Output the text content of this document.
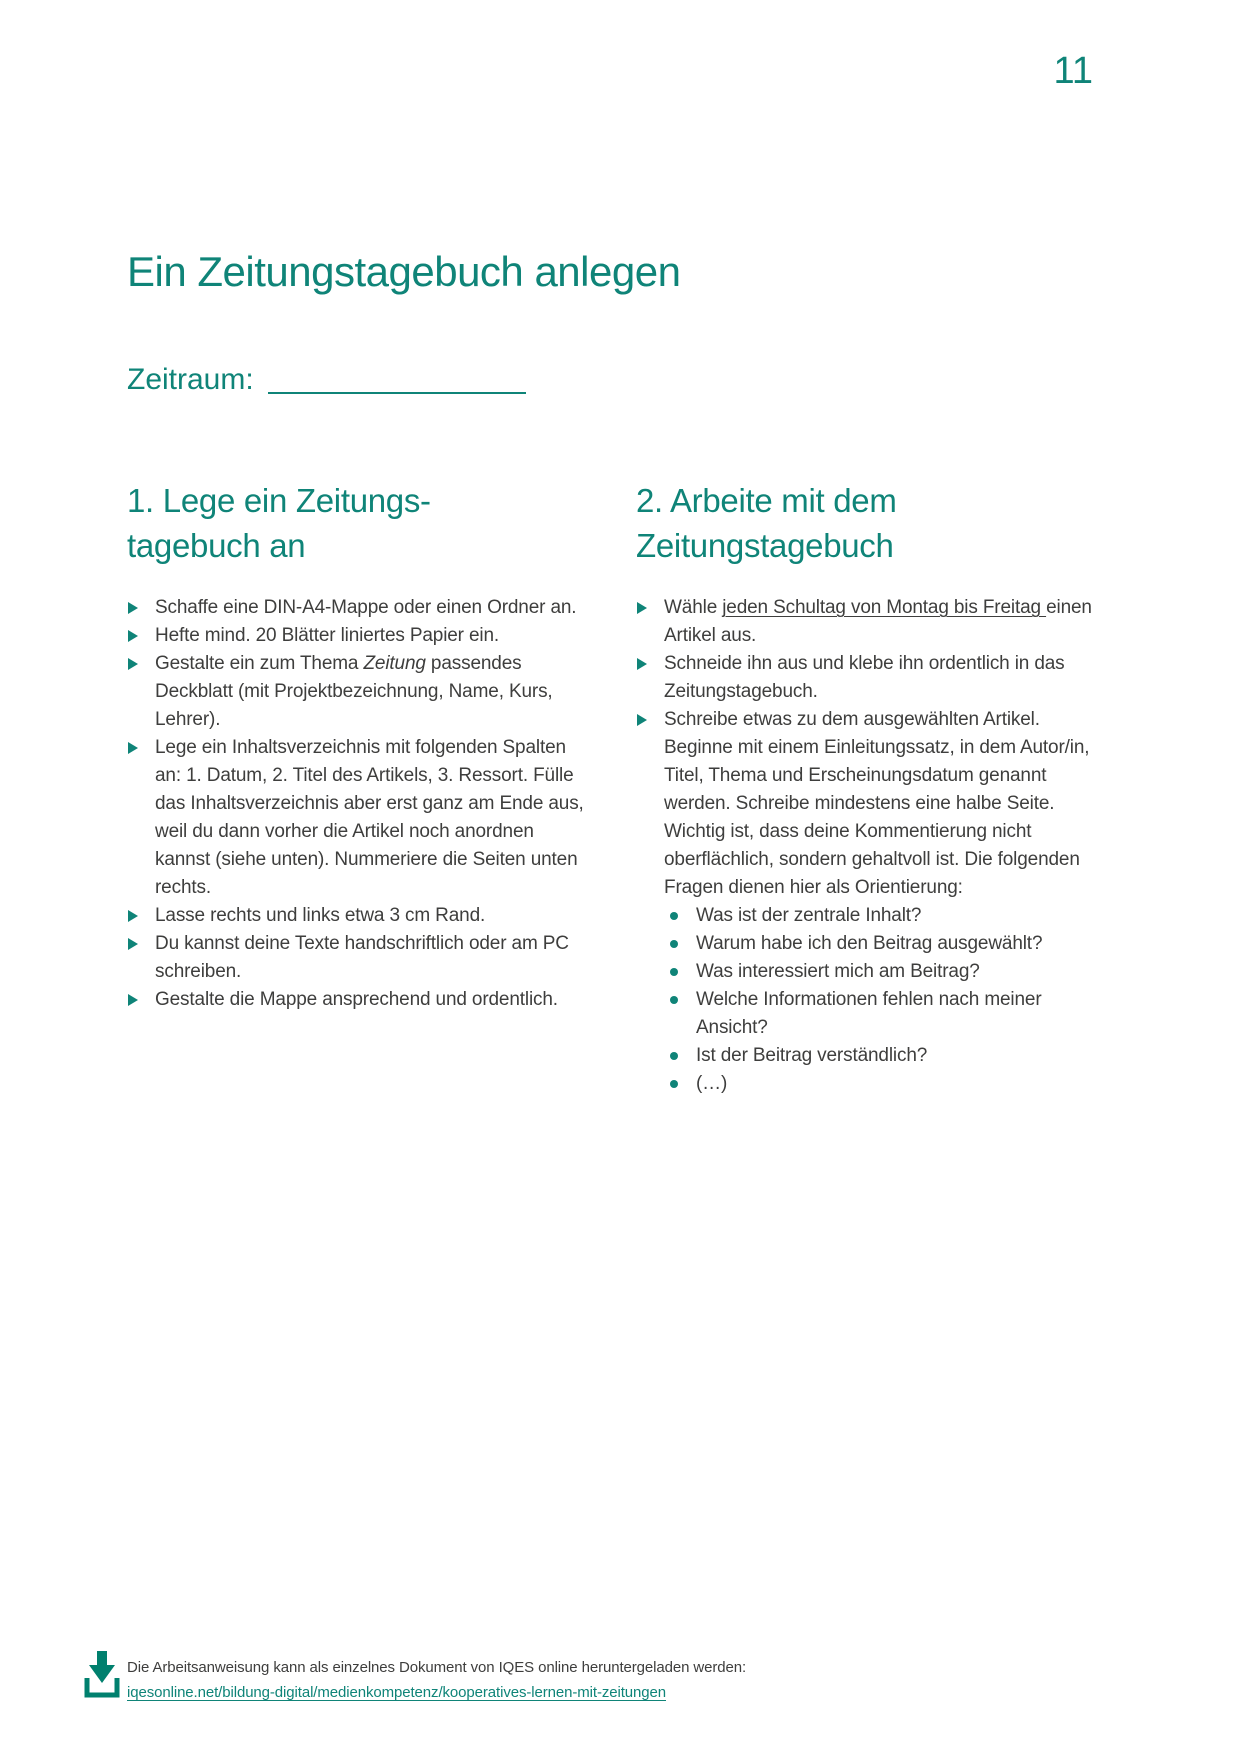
11
Ein Zeitungstagebuch anlegen
Zeitraum:
1. Lege ein Zeitungs-
tagebuch an
Schaffe eine DIN-A4-Mappe oder einen Ordner an.
Hefte mind. 20 Blätter liniertes Papier ein.
Gestalte ein zum Thema Zeitung passendes Deckblatt (mit Projektbezeichnung, Name, Kurs, Lehrer).
Lege ein Inhaltsverzeichnis mit folgenden Spalten an: 1. Datum, 2. Titel des Artikels, 3. Ressort. Fülle das Inhaltsverzeichnis aber erst ganz am Ende aus, weil du dann vorher die Artikel noch anordnen kannst (siehe unten). Nummeriere die Seiten unten rechts.
Lasse rechts und links etwa 3 cm Rand.
Du kannst deine Texte handschriftlich oder am PC schreiben.
Gestalte die Mappe ansprechend und ordentlich.
2. Arbeite mit dem
Zeitungstagebuch
Wähle jeden Schultag von Montag bis Freitag einen Artikel aus.
Schneide ihn aus und klebe ihn ordentlich in das Zeitungstagebuch.
Schreibe etwas zu dem ausgewählten Artikel. Beginne mit einem Einleitungssatz, in dem Autor/in, Titel, Thema und Erscheinungsdatum genannt werden. Schreibe mindestens eine halbe Seite. Wichtig ist, dass deine Kommentierung nicht oberflächlich, sondern gehaltvoll ist. Die folgenden Fragen dienen hier als Orientierung:
Was ist der zentrale Inhalt?
Warum habe ich den Beitrag ausgewählt?
Was interessiert mich am Beitrag?
Welche Informationen fehlen nach meiner Ansicht?
Ist der Beitrag verständlich?
(…)
Die Arbeitsanweisung kann als einzelnes Dokument von IQES online heruntergeladen werden:
iqesonline.net/bildung-digital/medienkompetenz/kooperatives-lernen-mit-zeitungen
